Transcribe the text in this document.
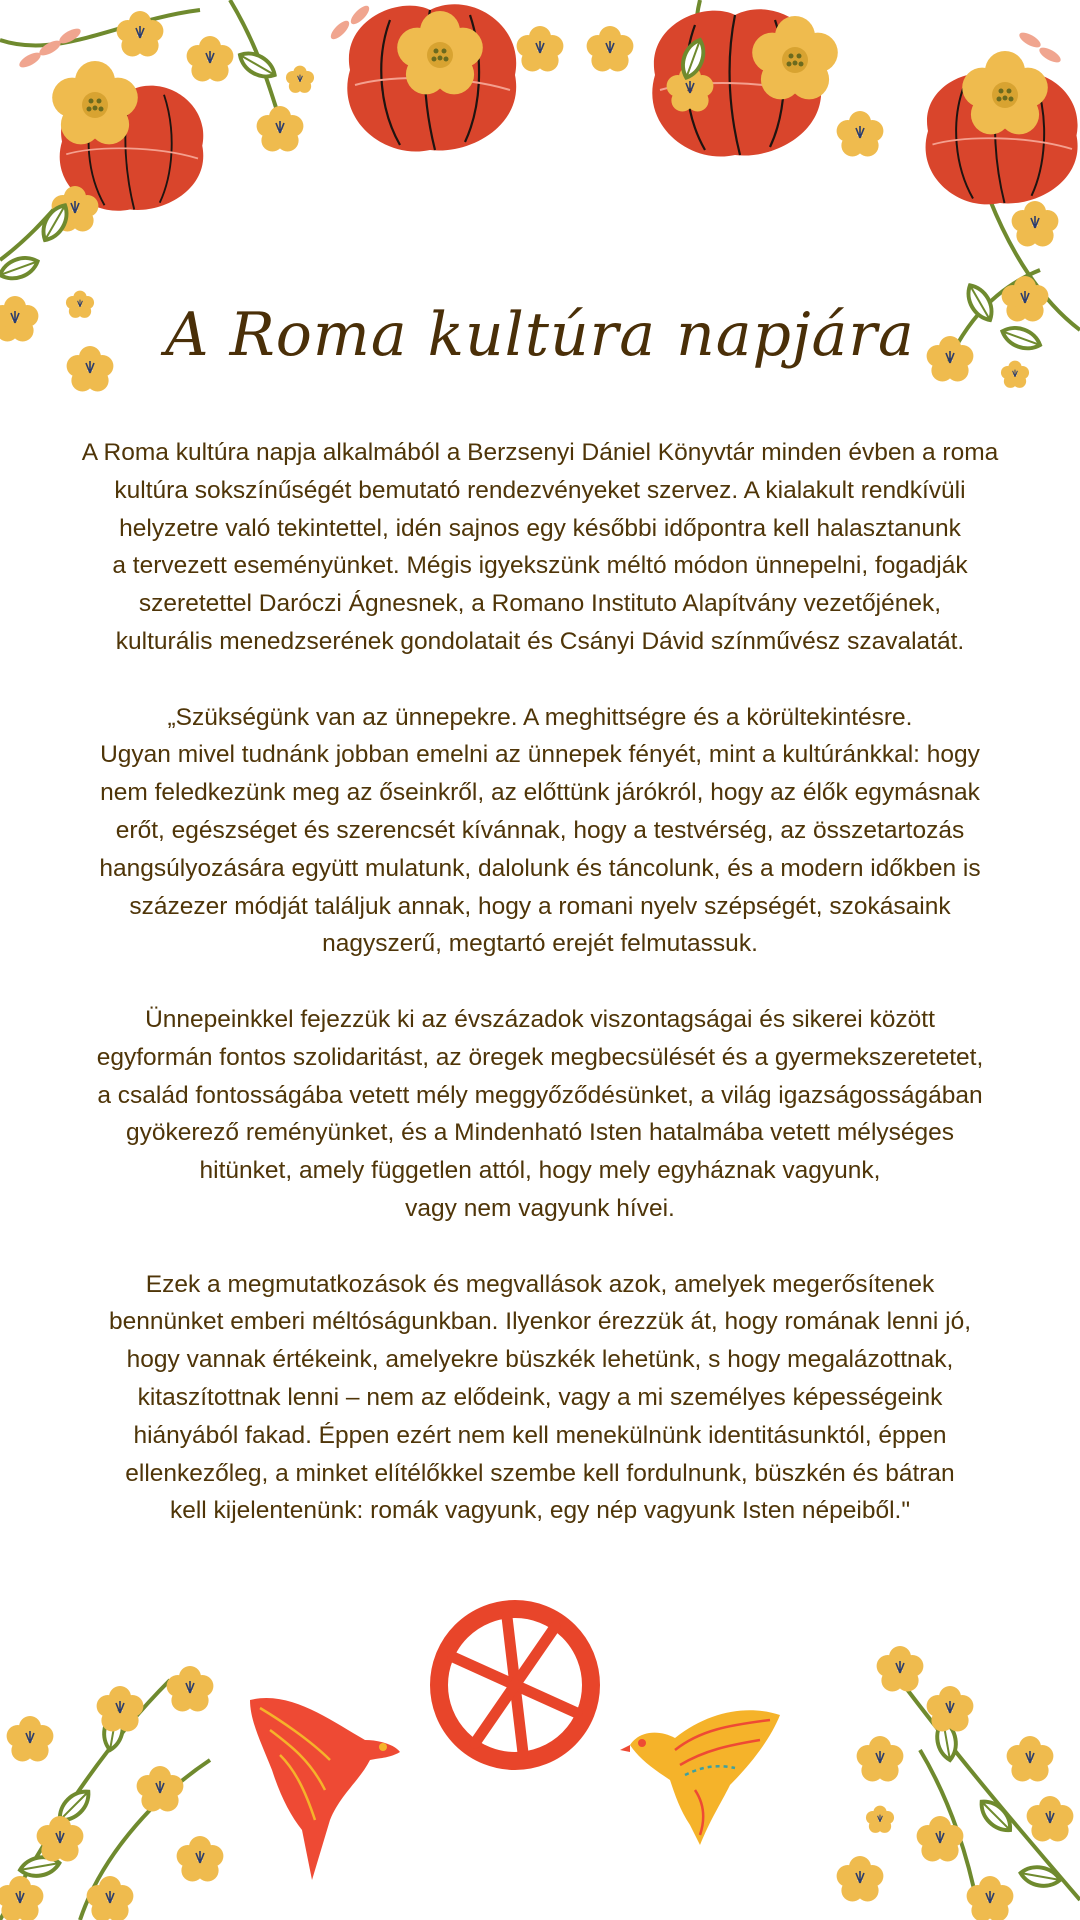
A Roma kultúra napjára

A Roma kultúra napja alkalmából a Berzsenyi Dániel Könyvtár minden évben a roma
kultúra sokszínűségét bemutató rendezvényeket szervez. A kialakult rendkívüli
helyzetre való tekintettel, idén sajnos egy későbbi időpontra kell halasztanunk
a tervezett eseményünket. Mégis igyekszünk méltó módon ünnepelni, fogadják
szeretettel Daróczi Ágnesnek, a Romano Instituto Alapítvány vezetőjének,
kulturális menedzserének gondolatait és Csányi Dávid színművész szavalatát.

„Szükségünk van az ünnepekre. A meghittségre és a körültekintésre.
Ugyan mivel tudnánk jobban emelni az ünnepek fényét, mint a kultúránkkal: hogy
nem feledkezünk meg az őseinkről, az előttünk járókról, hogy az élők egymásnak
erőt, egészséget és szerencsét kívánnak, hogy a testvérség, az összetartozás
hangsúlyozására együtt mulatunk, dalolunk és táncolunk, és a modern időkben is
százezer módját találjuk annak, hogy a romani nyelv szépségét, szokásaink
nagyszerű, megtartó erejét felmutassuk.

Ünnepeinkkel fejezzük ki az évszázadok viszontagságai és sikerei között
egyformán fontos szolidaritást, az öregek megbecsülését és a gyermekszeretetet,
a család fontosságába vetett mély meggyőződésünket, a világ igazságosságában
gyökerező reményünket, és a Mindenható Isten hatalmába vetett mélységes
hitünket, amely független attól, hogy mely egyháznak vagyunk,
vagy nem vagyunk hívei.

Ezek a megmutatkozások és megvallások azok, amelyek megerősítenek
bennünket emberi méltóságunkban. Ilyenkor érezzük át, hogy romának lenni jó,
hogy vannak értékeink, amelyekre büszkék lehetünk, s hogy megalázottnak,
kitaszítottnak lenni – nem az elődeink, vagy a mi személyes képességeink
hiányából fakad. Éppen ezért nem kell menekülnünk identitásunktól, éppen
ellenkezőleg, a minket elítélőkkel szembe kell fordulnunk, büszkén és bátran
kell kijelentenünk: romák vagyunk, egy nép vagyunk Isten népeiből."
